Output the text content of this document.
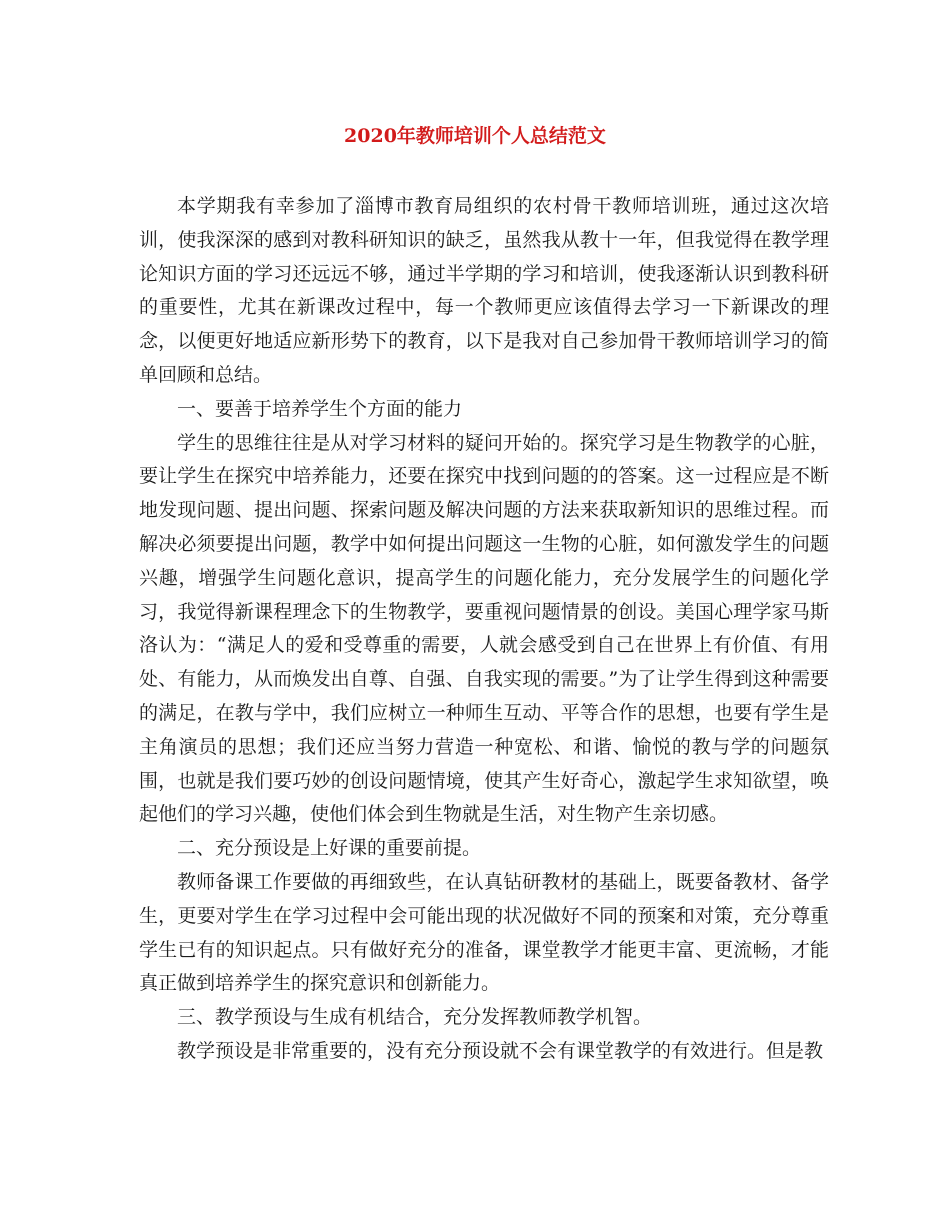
2020年教师培训个人总结范文

本学期我有幸参加了淄博市教育局组织的农村骨干教师培训班，通过这次培训，使我深深的感到对教科研知识的缺乏，虽然我从教十一年，但我觉得在教学理论知识方面的学习还远远不够，通过半学期的学习和培训，使我逐渐认识到教科研的重要性，尤其在新课改过程中，每一个教师更应该值得去学习一下新课改的理念，以便更好地适应新形势下的教育，以下是我对自己参加骨干教师培训学习的简单回顾和总结。

一、要善于培养学生个方面的能力

学生的思维往往是从对学习材料的疑问开始的。探究学习是生物教学的心脏，要让学生在探究中培养能力，还要在探究中找到问题的的答案。这一过程应是不断地发现问题、提出问题、探索问题及解决问题的方法来获取新知识的思维过程。而解决必须要提出问题，教学中如何提出问题这一生物的心脏，如何激发学生的问题兴趣，增强学生问题化意识，提高学生的问题化能力，充分发展学生的问题化学习，我觉得新课程理念下的生物教学，要重视问题情景的创设。美国心理学家马斯洛认为：“满足人的爱和受尊重的需要，人就会感受到自己在世界上有价值、有用处、有能力，从而焕发出自尊、自强、自我实现的需要。”为了让学生得到这种需要的满足，在教与学中，我们应树立一种师生互动、平等合作的思想，也要有学生是主角演员的思想；我们还应当努力营造一种宽松、和谐、愉悦的教与学的问题氛围，也就是我们要巧妙的创设问题情境，使其产生好奇心，激起学生求知欲望，唤起他们的学习兴趣，使他们体会到生物就是生活，对生物产生亲切感。

二、充分预设是上好课的重要前提。

教师备课工作要做的再细致些，在认真钻研教材的基础上，既要备教材、备学生，更要对学生在学习过程中会可能出现的状况做好不同的预案和对策，充分尊重学生已有的知识起点。只有做好充分的准备，课堂教学才能更丰富、更流畅，才能真正做到培养学生的探究意识和创新能力。

三、教学预设与生成有机结合，充分发挥教师教学机智。

教学预设是非常重要的，没有充分预设就不会有课堂教学的有效进行。但是教
